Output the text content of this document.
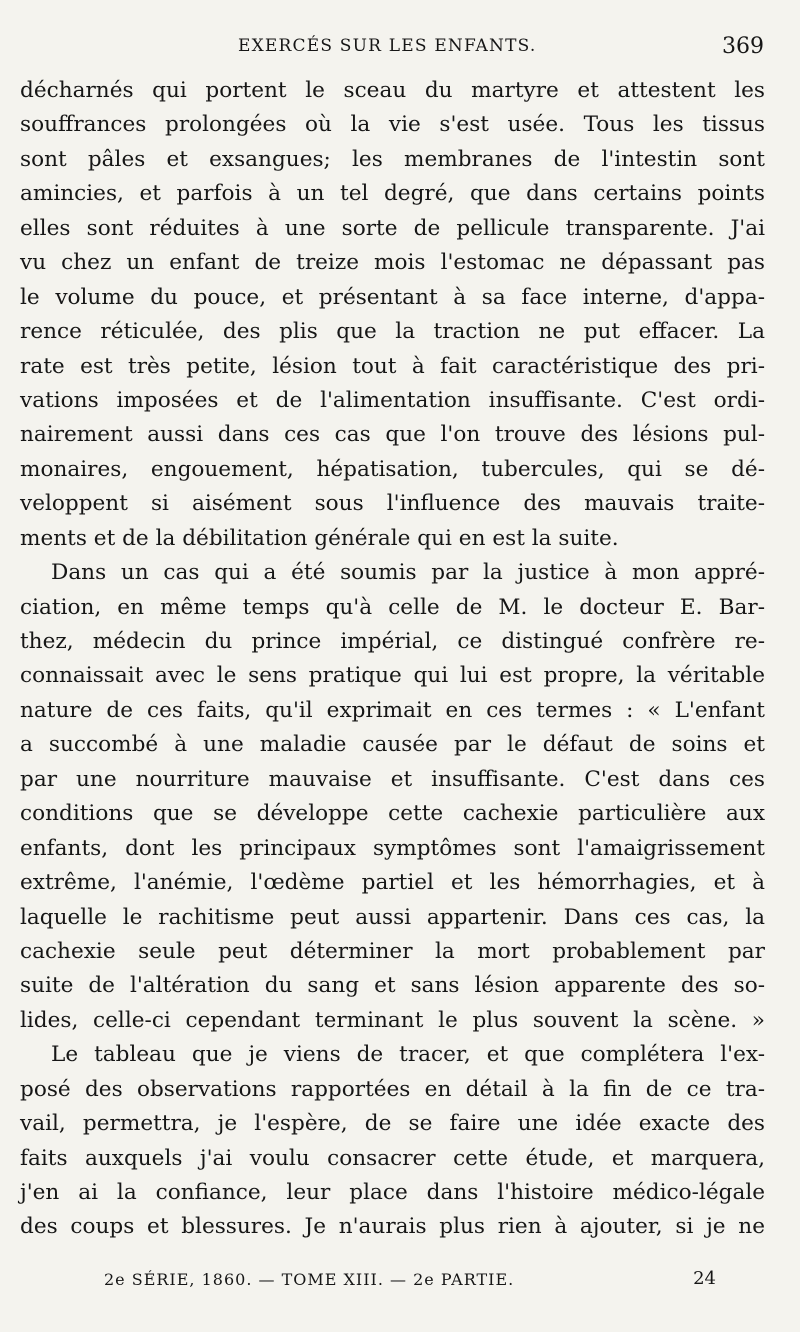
EXERCÉS SUR LES ENFANTS.	369
décharnés qui portent le sceau du martyre et attestent les
souffrances prolongées où la vie s'est usée. Tous les tissus
sont pâles et exsangues; les membranes de l'intestin sont
amincies, et parfois à un tel degré, que dans certains points
elles sont réduites à une sorte de pellicule transparente. J'ai
vu chez un enfant de treize mois l'estomac ne dépassant pas
le volume du pouce, et présentant à sa face interne, d'appa-
rence réticulée, des plis que la traction ne put effacer. La
rate est très petite, lésion tout à fait caractéristique des pri-
vations imposées et de l'alimentation insuffisante. C'est ordi-
nairement aussi dans ces cas que l'on trouve des lésions pul-
monaires, engouement, hépatisation, tubercules, qui se dé-
veloppent si aisément sous l'influence des mauvais traite-
ments et de la débilitation générale qui en est la suite.
Dans un cas qui a été soumis par la justice à mon appré-
ciation, en même temps qu'à celle de M. le docteur E. Bar-
thez, médecin du prince impérial, ce distingué confrère re-
connaissait avec le sens pratique qui lui est propre, la véritable
nature de ces faits, qu'il exprimait en ces termes : « L'enfant
a succombé à une maladie causée par le défaut de soins et
par une nourriture mauvaise et insuffisante. C'est dans ces
conditions que se développe cette cachexie particulière aux
enfants, dont les principaux symptômes sont l'amaigrissement
extrême, l'anémie, l'œdème partiel et les hémorrhagies, et à
laquelle le rachitisme peut aussi appartenir. Dans ces cas, la
cachexie seule peut déterminer la mort probablement par
suite de l'altération du sang et sans lésion apparente des so-
lides, celle-ci cependant terminant le plus souvent la scène. »
Le tableau que je viens de tracer, et que complétera l'ex-
posé des observations rapportées en détail à la fin de ce tra-
vail, permettra, je l'espère, de se faire une idée exacte des
faits auxquels j'ai voulu consacrer cette étude, et marquera,
j'en ai la confiance, leur place dans l'histoire médico-légale
des coups et blessures. Je n'aurais plus rien à ajouter, si je ne
2e SÉRIE, 1860. — TOME XIII. — 2e PARTIE.	24
